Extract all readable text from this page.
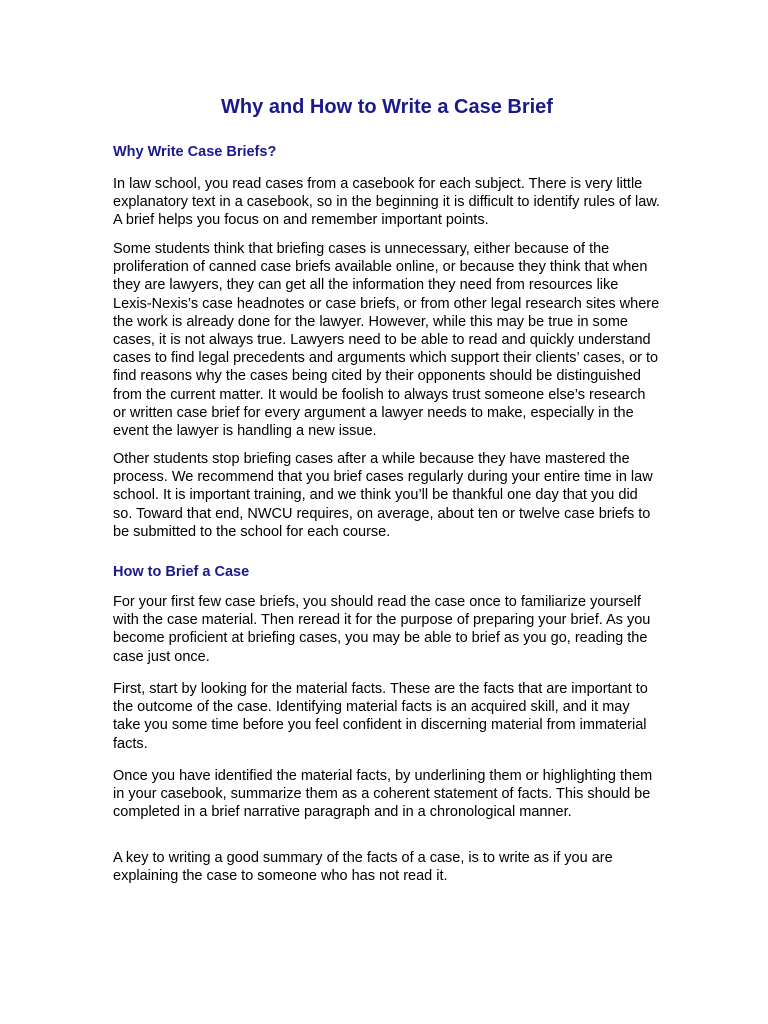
Why and How to Write a Case Brief
Why Write Case Briefs?

In law school, you read cases from a casebook for each subject. There is very little explanatory text in a casebook, so in the beginning it is difficult to identify rules of law. A brief helps you focus on and remember important points.

Some students think that briefing cases is unnecessary, either because of the proliferation of canned case briefs available online, or because they think that when they are lawyers, they can get all the information they need from resources like Lexis-Nexis’s case headnotes or case briefs, or from other legal research sites where the work is already done for the lawyer. However, while this may be true in some cases, it is not always true. Lawyers need to be able to read and quickly understand cases to find legal precedents and arguments which support their clients’ cases, or to find reasons why the cases being cited by their opponents should be distinguished from the current matter. It would be foolish to always trust someone else’s research or written case brief for every argument a lawyer needs to make, especially in the event the lawyer is handling a new issue.

Other students stop briefing cases after a while because they have mastered the process. We recommend that you brief cases regularly during your entire time in law school. It is important training, and we think you’ll be thankful one day that you did so. Toward that end, NWCU requires, on average, about ten or twelve case briefs to be submitted to the school for each course.

How to Brief a Case

For your first few case briefs, you should read the case once to familiarize yourself with the case material. Then reread it for the purpose of preparing your brief. As you become proficient at briefing cases, you may be able to brief as you go, reading the case just once.

First, start by looking for the material facts. These are the facts that are important to the outcome of the case. Identifying material facts is an acquired skill, and it may take you some time before you feel confident in discerning material from immaterial facts.

Once you have identified the material facts, by underlining them or highlighting them in your casebook, summarize them as a coherent statement of facts. This should be completed in a brief narrative paragraph and in a chronological manner.

A key to writing a good summary of the facts of a case, is to write as if you are explaining the case to someone who has not read it.
